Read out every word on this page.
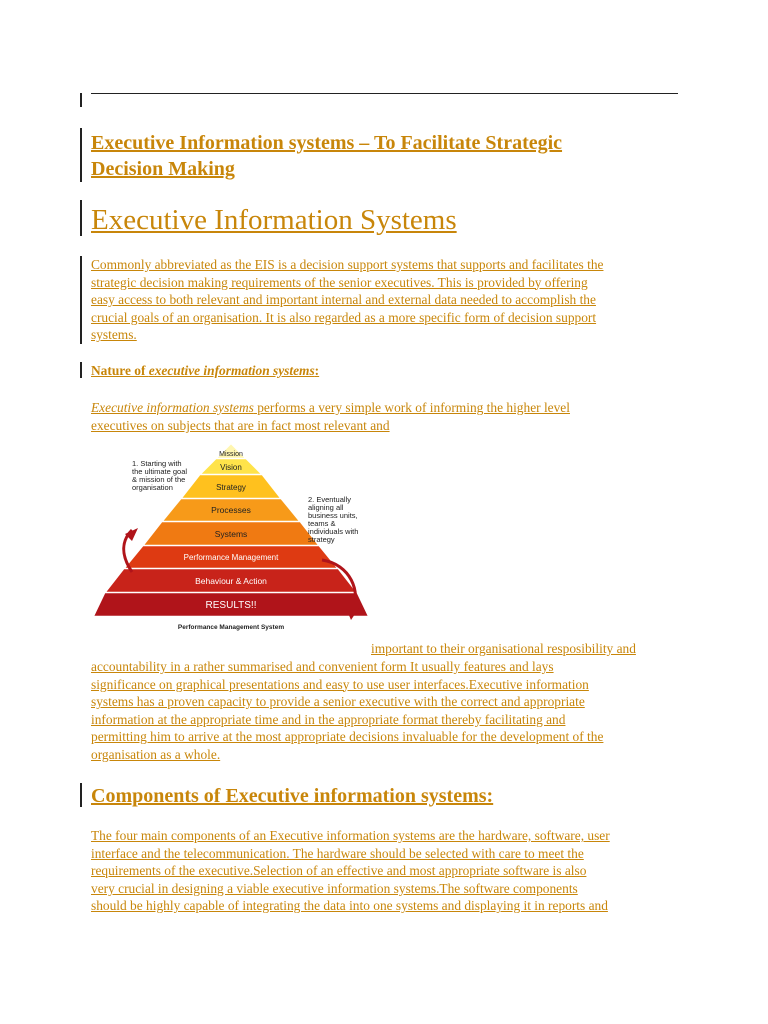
Executive Information systems – To Facilitate Strategic
Decision Making
Executive Information Systems
Commonly abbreviated as the EIS is a decision support systems that supports and facilitates the
strategic decision making requirements of the senior executives. This is provided by offering
easy access to both relevant and important internal and external data needed to accomplish the
crucial goals of an organisation. It is also regarded as a more specific form of decision support
systems.
Nature of executive information systems:
Executive information systems performs a very simple work of informing the higher level
executives on subjects that are in fact most relevant and
Mission
Vision
Strategy
Processes
Systems
Performance Management
Behaviour & Action
RESULTS!!
1. Starting with
the ultimate goal
& mission of the
organisation
2. Eventually
aligning all
business units,
teams &
individuals with
strategy
Performance Management System
important to their organisational resposibility and
accountability in a rather summarised and convenient form It usually features and lays
significance on graphical presentations and easy to use user interfaces.Executive information
systems has a proven capacity to provide a senior executive with the correct and appropriate
information at the appropriate time and in the appropriate format thereby facilitating and
permitting him to arrive at the most appropriate decisions invaluable for the development of the
organisation as a whole.
Components of Executive information systems:
The four main components of an Executive information systems are the hardware, software, user
interface and the telecommunication. The hardware should be selected with care to meet the
requirements of the executive.Selection of an effective and most appropriate software is also
very crucial in designing a viable executive information systems.The software components
should be highly capable of integrating the data into one systems and displaying it in reports and
